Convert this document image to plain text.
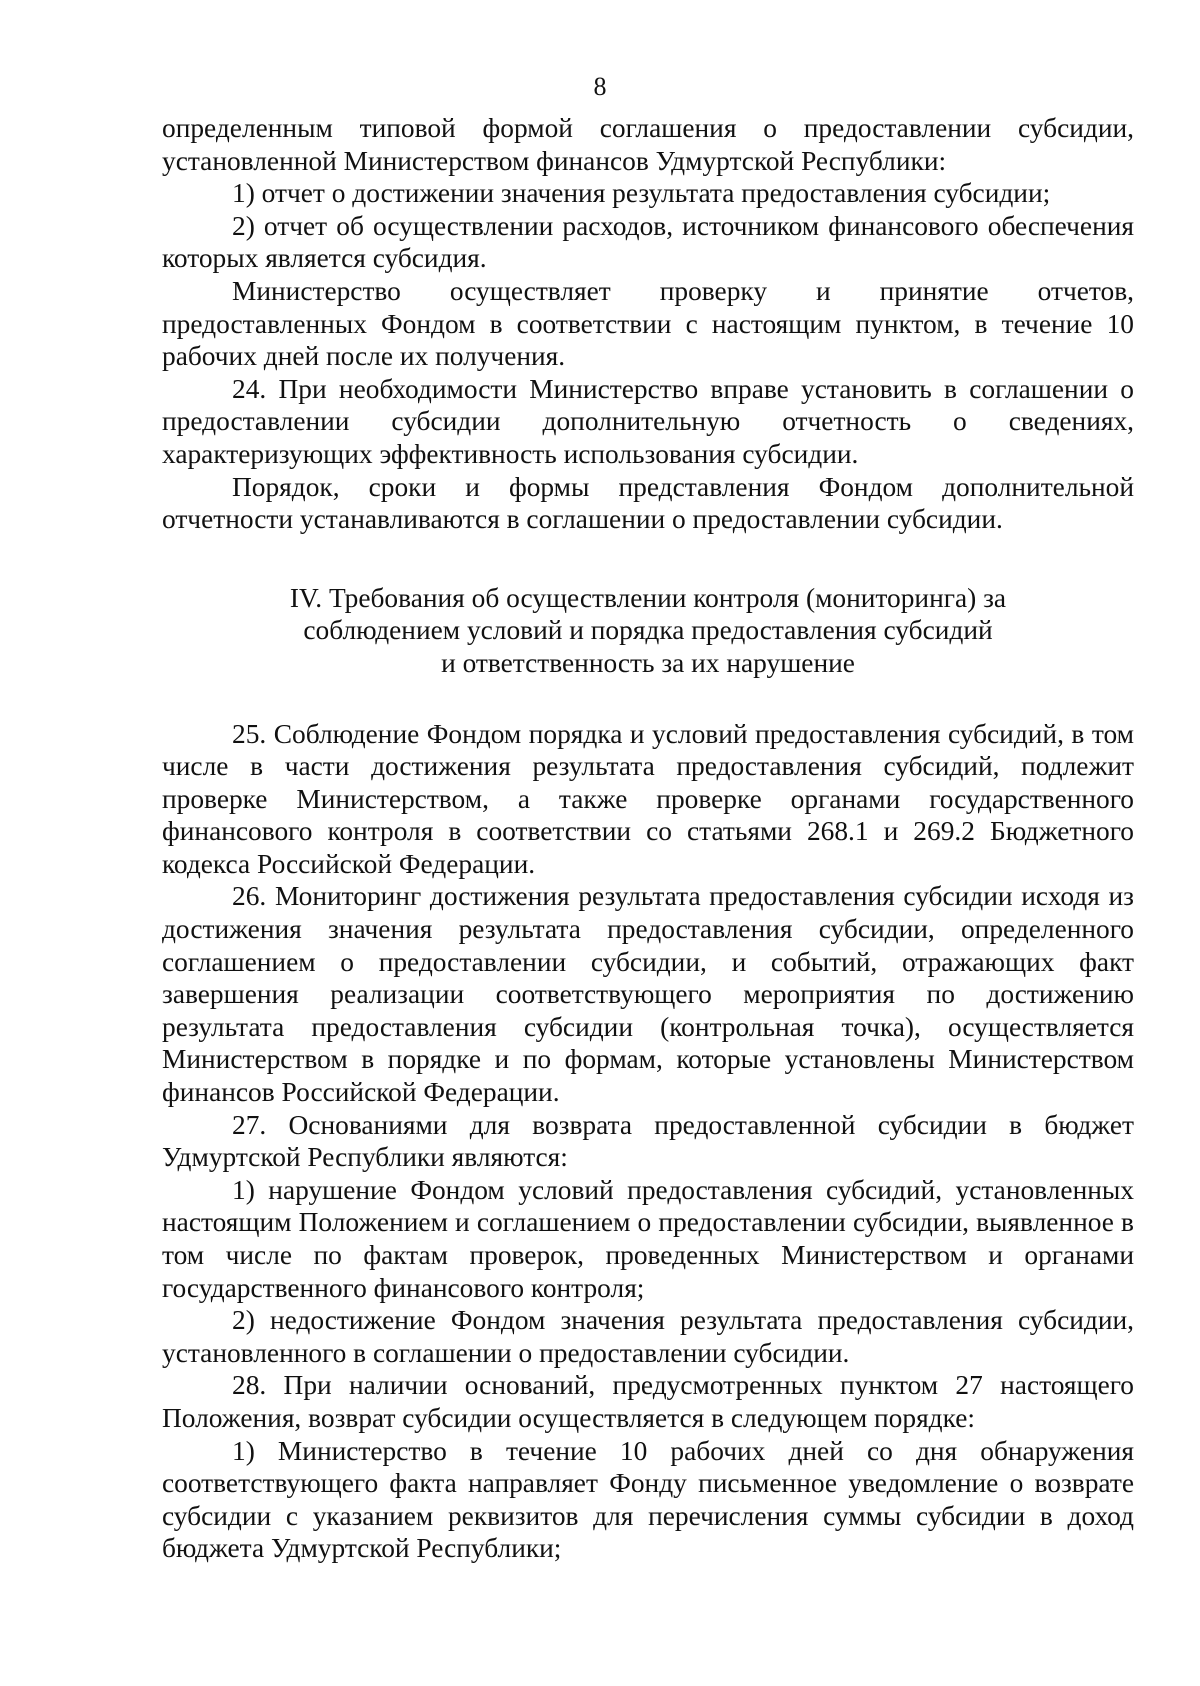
8

определенным типовой формой соглашения о предоставлении субсидии, установленной Министерством финансов Удмуртской Республики:

1) отчет о достижении значения результата предоставления субсидии;

2) отчет об осуществлении расходов, источником финансового обеспечения которых является субсидия.

Министерство осуществляет проверку и принятие отчетов, предоставленных Фондом в соответствии с настоящим пунктом, в течение 10 рабочих дней после их получения.

24. При необходимости Министерство вправе установить в соглашении о предоставлении субсидии дополнительную отчетность о сведениях, характеризующих эффективность использования субсидии.

Порядок, сроки и формы представления Фондом дополнительной отчетности устанавливаются в соглашении о предоставлении субсидии.

IV. Требования об осуществлении контроля (мониторинга) за
соблюдением условий и порядка предоставления субсидий
и ответственность за их нарушение

25. Соблюдение Фондом порядка и условий предоставления субсидий, в том числе в части достижения результата предоставления субсидий, подлежит проверке Министерством, а также проверке органами государственного финансового контроля в соответствии со статьями 268.1 и 269.2 Бюджетного кодекса Российской Федерации.

26. Мониторинг достижения результата предоставления субсидии исходя из достижения значения результата предоставления субсидии, определенного соглашением о предоставлении субсидии, и событий, отражающих факт завершения реализации соответствующего мероприятия по достижению результата предоставления субсидии (контрольная точка), осуществляется Министерством в порядке и по формам, которые установлены Министерством финансов Российской Федерации.

27. Основаниями для возврата предоставленной субсидии в бюджет Удмуртской Республики являются:

1) нарушение Фондом условий предоставления субсидий, установленных настоящим Положением и соглашением о предоставлении субсидии, выявленное в том числе по фактам проверок, проведенных Министерством и органами государственного финансового контроля;

2) недостижение Фондом значения результата предоставления субсидии, установленного в соглашении о предоставлении субсидии.

28. При наличии оснований, предусмотренных пунктом 27 настоящего Положения, возврат субсидии осуществляется в следующем порядке:

1) Министерство в течение 10 рабочих дней со дня обнаружения соответствующего факта направляет Фонду письменное уведомление о возврате субсидии с указанием реквизитов для перечисления суммы субсидии в доход бюджета Удмуртской Республики;
